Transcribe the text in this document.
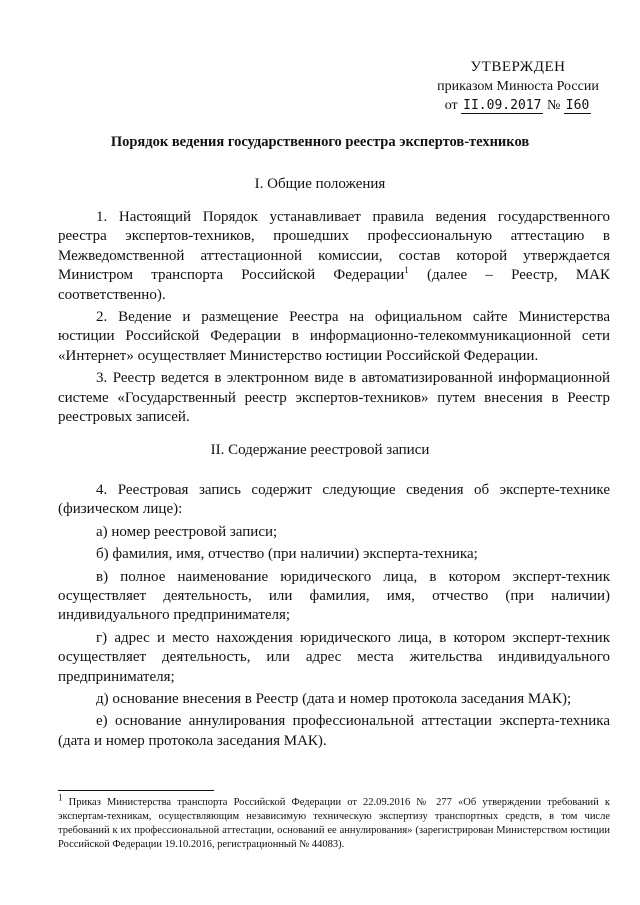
УТВЕРЖДЕН
приказом Минюста России
от II.09.2017 № I60
Порядок ведения государственного реестра экспертов-техников
I. Общие положения

1. Настоящий Порядок устанавливает правила ведения государственного реестра экспертов-техников, прошедших профессиональную аттестацию в Межведомственной аттестационной комиссии, состав которой утверждается Министром транспорта Российской Федерации$^1$ (далее – Реестр, МАК соответственно).

2. Ведение и размещение Реестра на официальном сайте Министерства юстиции Российской Федерации в информационно-телекоммуникационной сети «Интернет» осуществляет Министерство юстиции Российской Федерации.

3. Реестр ведется в электронном виде в автоматизированной информационной системе «Государственный реестр экспертов-техников» путем внесения в Реестр реестровых записей.

II. Содержание реестровой записи

4. Реестровая запись содержит следующие сведения об эксперте-технике (физическом лице):

а) номер реестровой записи;

б) фамилия, имя, отчество (при наличии) эксперта-техника;

в) полное наименование юридического лица, в котором эксперт-техник осуществляет деятельность, или фамилия, имя, отчество (при наличии) индивидуального предпринимателя;

г) адрес и место нахождения юридического лица, в котором эксперт-техник осуществляет деятельность, или адрес места жительства индивидуального предпринимателя;

д) основание внесения в Реестр (дата и номер протокола заседания МАК);

е) основание аннулирования профессиональной аттестации эксперта-техника (дата и номер протокола заседания МАК).

$^1$ Приказ Министерства транспорта Российской Федерации от 22.09.2016 № 277 «Об утверждении требований к экспертам-техникам, осуществляющим независимую техническую экспертизу транспортных средств, в том числе требований к их профессиональной аттестации, оснований ее аннулирования» (зарегистрирован Министерством юстиции Российской Федерации 19.10.2016, регистрационный № 44083).
